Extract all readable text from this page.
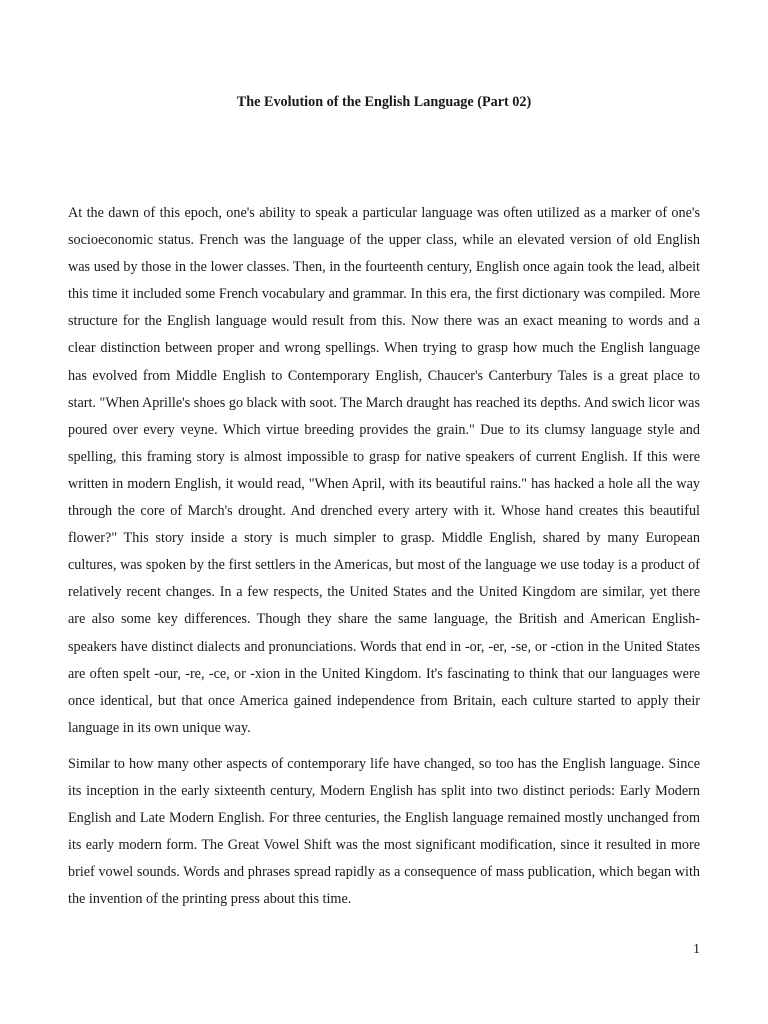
The Evolution of the English Language (Part 02)

At the dawn of this epoch, one's ability to speak a particular language was often utilized as a marker of one's socioeconomic status. French was the language of the upper class, while an elevated version of old English was used by those in the lower classes. Then, in the fourteenth century, English once again took the lead, albeit this time it included some French vocabulary and grammar. In this era, the first dictionary was compiled. More structure for the English language would result from this. Now there was an exact meaning to words and a clear distinction between proper and wrong spellings. When trying to grasp how much the English language has evolved from Middle English to Contemporary English, Chaucer's Canterbury Tales is a great place to start. "When Aprille's shoes go black with soot. The March draught has reached its depths. And swich licor was poured over every veyne. Which virtue breeding provides the grain." Due to its clumsy language style and spelling, this framing story is almost impossible to grasp for native speakers of current English. If this were written in modern English, it would read, "When April, with its beautiful rains." has hacked a hole all the way through the core of March's drought. And drenched every artery with it. Whose hand creates this beautiful flower?" This story inside a story is much simpler to grasp. Middle English, shared by many European cultures, was spoken by the first settlers in the Americas, but most of the language we use today is a product of relatively recent changes. In a few respects, the United States and the United Kingdom are similar, yet there are also some key differences. Though they share the same language, the British and American English-speakers have distinct dialects and pronunciations. Words that end in -or, -er, -se, or -ction in the United States are often spelt -our, -re, -ce, or -xion in the United Kingdom. It's fascinating to think that our languages were once identical, but that once America gained independence from Britain, each culture started to apply their language in its own unique way.

Similar to how many other aspects of contemporary life have changed, so too has the English language. Since its inception in the early sixteenth century, Modern English has split into two distinct periods: Early Modern English and Late Modern English. For three centuries, the English language remained mostly unchanged from its early modern form. The Great Vowel Shift was the most significant modification, since it resulted in more brief vowel sounds. Words and phrases spread rapidly as a consequence of mass publication, which began with the invention of the printing press about this time.

1
